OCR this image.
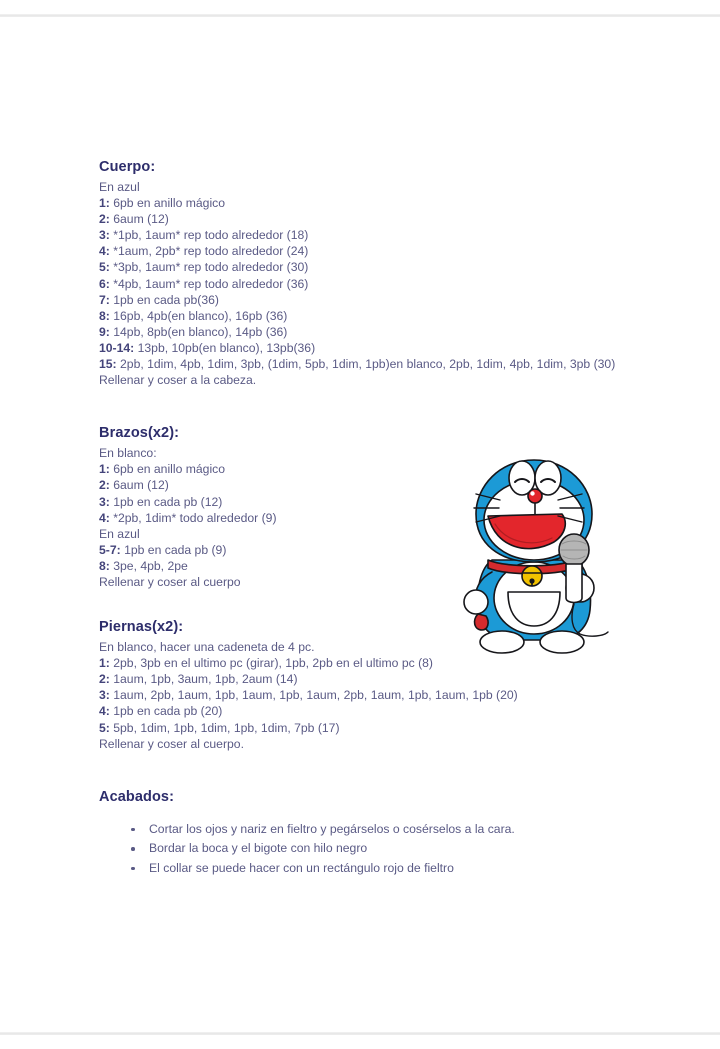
Cuerpo:

En azul

1: 6pb en anillo mágico

2: 6aum (12)

3: *1pb, 1aum* rep todo alrededor (18)

4: *1aum, 2pb* rep todo alrededor (24)

5: *3pb, 1aum* rep todo alrededor (30)

6: *4pb, 1aum* rep todo alrededor (36)

7: 1pb en cada pb(36)

8: 16pb, 4pb(en blanco), 16pb (36)

9: 14pb, 8pb(en blanco), 14pb (36)

10-14: 13pb, 10pb(en blanco), 13pb(36)

15: 2pb, 1dim, 4pb, 1dim, 3pb, (1dim, 5pb, 1dim, 1pb)en blanco, 2pb, 1dim, 4pb, 1dim, 3pb (30)

Rellenar y coser a la cabeza.

Brazos(x2):

En blanco:

1: 6pb en anillo mágico

2: 6aum (12)

3: 1pb en cada pb (12)

4: *2pb, 1dim* todo alrededor (9)

En azul

5-7: 1pb en cada pb (9)

8: 3pe, 4pb, 2pe

Rellenar y coser al cuerpo

Piernas(x2):

En blanco, hacer una cadeneta de 4 pc.

1: 2pb, 3pb en el ultimo pc (girar), 1pb, 2pb en el ultimo pc (8)

2: 1aum, 1pb, 3aum, 1pb, 2aum (14)

3: 1aum, 2pb, 1aum, 1pb, 1aum, 1pb, 1aum, 2pb, 1aum, 1pb, 1aum, 1pb (20)

4: 1pb en cada pb (20)

5: 5pb, 1dim, 1pb, 1dim, 1pb, 1dim, 7pb (17)

Rellenar y coser al cuerpo.

Acabados:
Cortar los ojos y nariz en fieltro y pegárselos o cosérselos a la cara.
Bordar la boca y el bigote con hilo negro
El collar se puede hacer con un rectángulo rojo de fieltro
